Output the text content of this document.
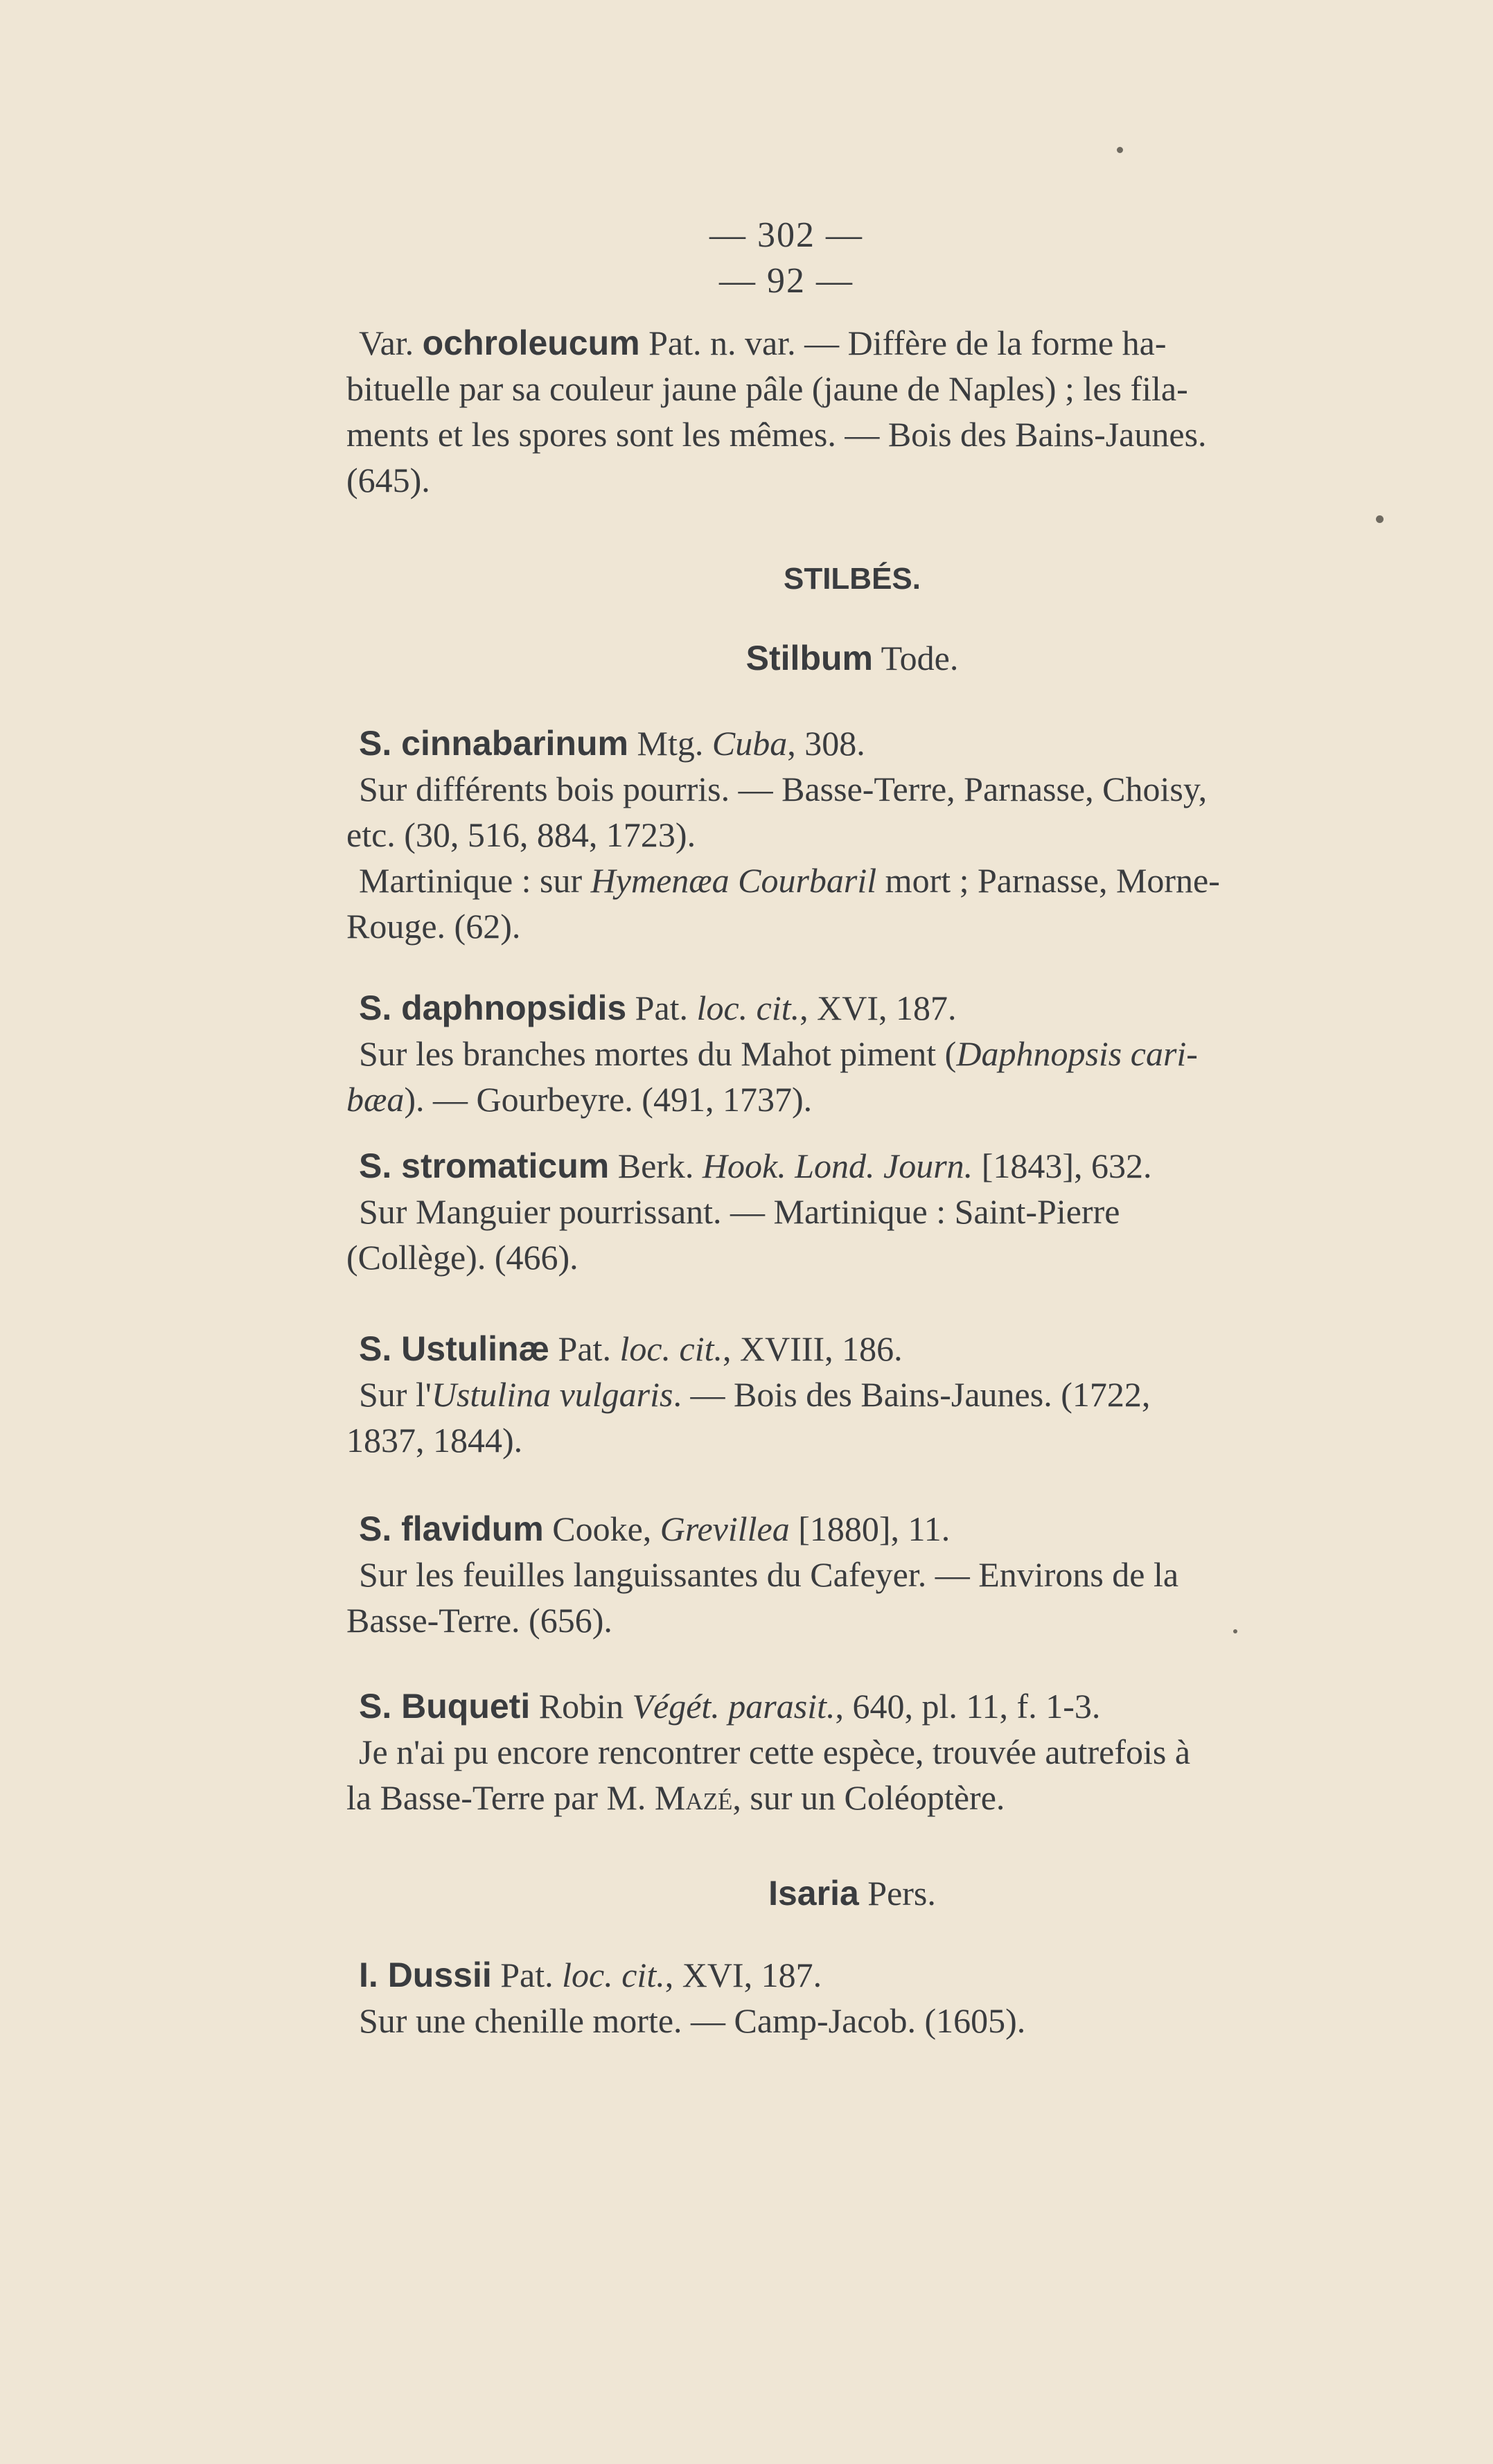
— 302 —
— 92 —

Var. ochroleucum Pat. n. var. — Diffère de la forme ha-

bituelle par sa couleur jaune pâle (jaune de Naples) ; les fila-

ments et les spores sont les mêmes. — Bois des Bains-Jaunes.

(645).

STILBÉS.
Stilbum Tode.

S. cinnabarinum Mtg. Cuba, 308.

Sur différents bois pourris. — Basse-Terre, Parnasse, Choisy,

etc. (30, 516, 884, 1723).

Martinique : sur Hymenæa Courbaril mort ; Parnasse, Morne-

Rouge. (62).

S. daphnopsidis Pat. loc. cit., XVI, 187.

Sur les branches mortes du Mahot piment (Daphnopsis cari-

bæa). — Gourbeyre. (491, 1737).

S. stromaticum Berk. Hook. Lond. Journ. [1843], 632.

Sur Manguier pourrissant. — Martinique : Saint-Pierre

(Collège). (466).

S. Ustulinæ Pat. loc. cit., XVIII, 186.

Sur l'Ustulina vulgaris. — Bois des Bains-Jaunes. (1722,

1837, 1844).

S. flavidum Cooke, Grevillea [1880], 11.

Sur les feuilles languissantes du Cafeyer. — Environs de la

Basse-Terre. (656).

S. Buqueti Robin Végét. parasit., 640, pl. 11, f. 1-3.

Je n'ai pu encore rencontrer cette espèce, trouvée autrefois à

la Basse-Terre par M. Mazé, sur un Coléoptère.

Isaria Pers.

I. Dussii Pat. loc. cit., XVI, 187.

Sur une chenille morte. — Camp-Jacob. (1605).
